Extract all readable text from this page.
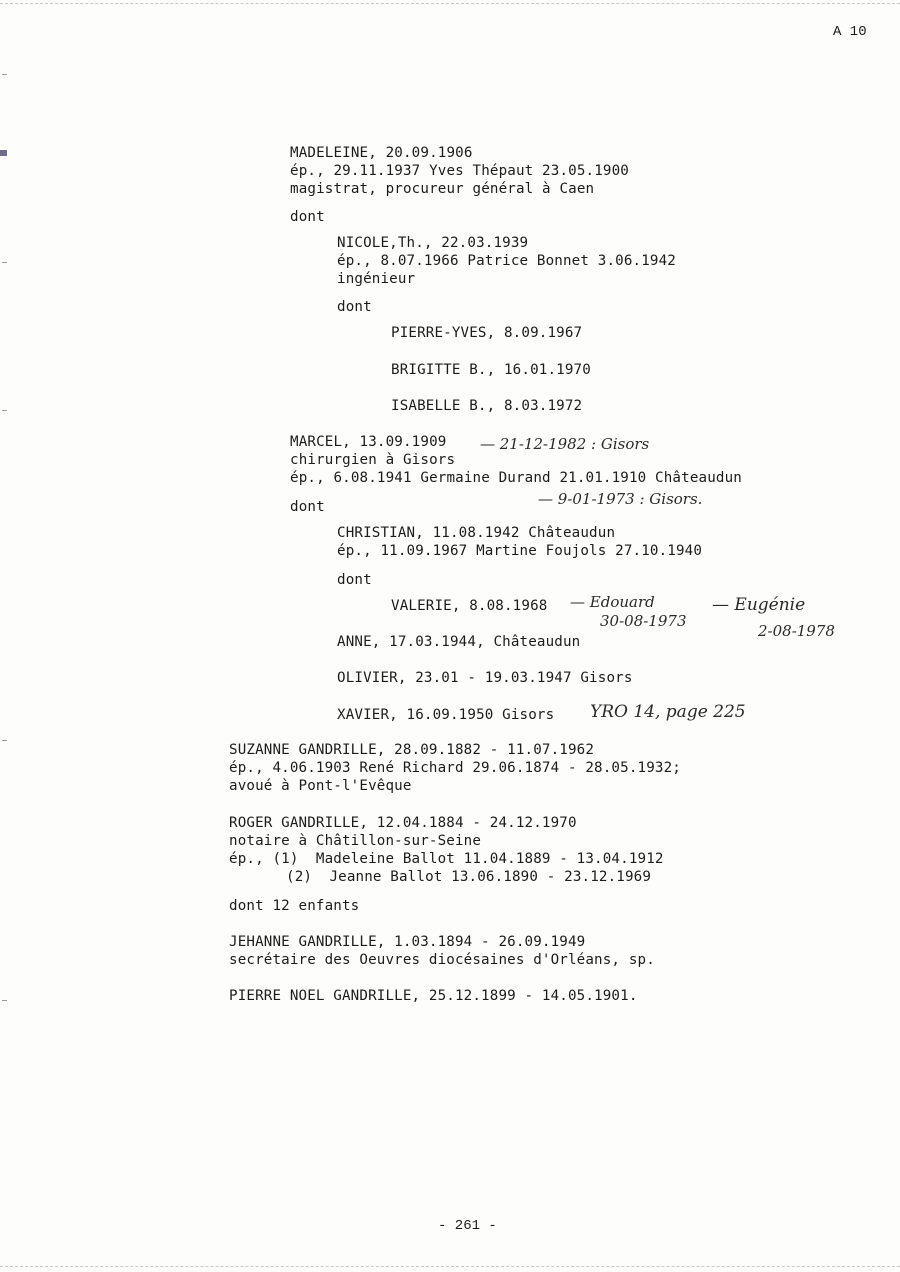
A 10
MADELEINE, 20.09.1906
ép., 29.11.1937 Yves Thépaut 23.05.1900
magistrat, procureur général à Caen
dont
NICOLE,Th., 22.03.1939
ép., 8.07.1966 Patrice Bonnet 3.06.1942
ingénieur
dont
PIERRE-YVES, 8.09.1967
BRIGITTE B., 16.01.1970
ISABELLE B., 8.03.1972
MARCEL, 13.09.1909
chirurgien à Gisors
ép., 6.08.1941 Germaine Durand 21.01.1910 Châteaudun
dont
CHRISTIAN, 11.08.1942 Châteaudun
ép., 11.09.1967 Martine Foujols 27.10.1940
dont
VALERIE, 8.08.1968
ANNE, 17.03.1944, Châteaudun
OLIVIER, 23.01 - 19.03.1947 Gisors
XAVIER, 16.09.1950 Gisors
SUZANNE GANDRILLE, 28.09.1882 - 11.07.1962
ép., 4.06.1903 René Richard 29.06.1874 - 28.05.1932;
avoué à Pont-l'Evêque
ROGER GANDRILLE, 12.04.1884 - 24.12.1970
notaire à Châtillon-sur-Seine
ép., (1)  Madeleine Ballot 11.04.1889 - 13.04.1912
(2)  Jeanne Ballot 13.06.1890 - 23.12.1969
dont 12 enfants
JEHANNE GANDRILLE, 1.03.1894 - 26.09.1949
secrétaire des Oeuvres diocésaines d'Orléans, sp.
PIERRE NOEL GANDRILLE, 25.12.1899 - 14.05.1901.
— 21-12-1982 : Gisors
— 9-01-1973 : Gisors.
— Edouard
30-08-1973
— Eugénie
2-08-1978
YRO 14, page 225
- 261 -
